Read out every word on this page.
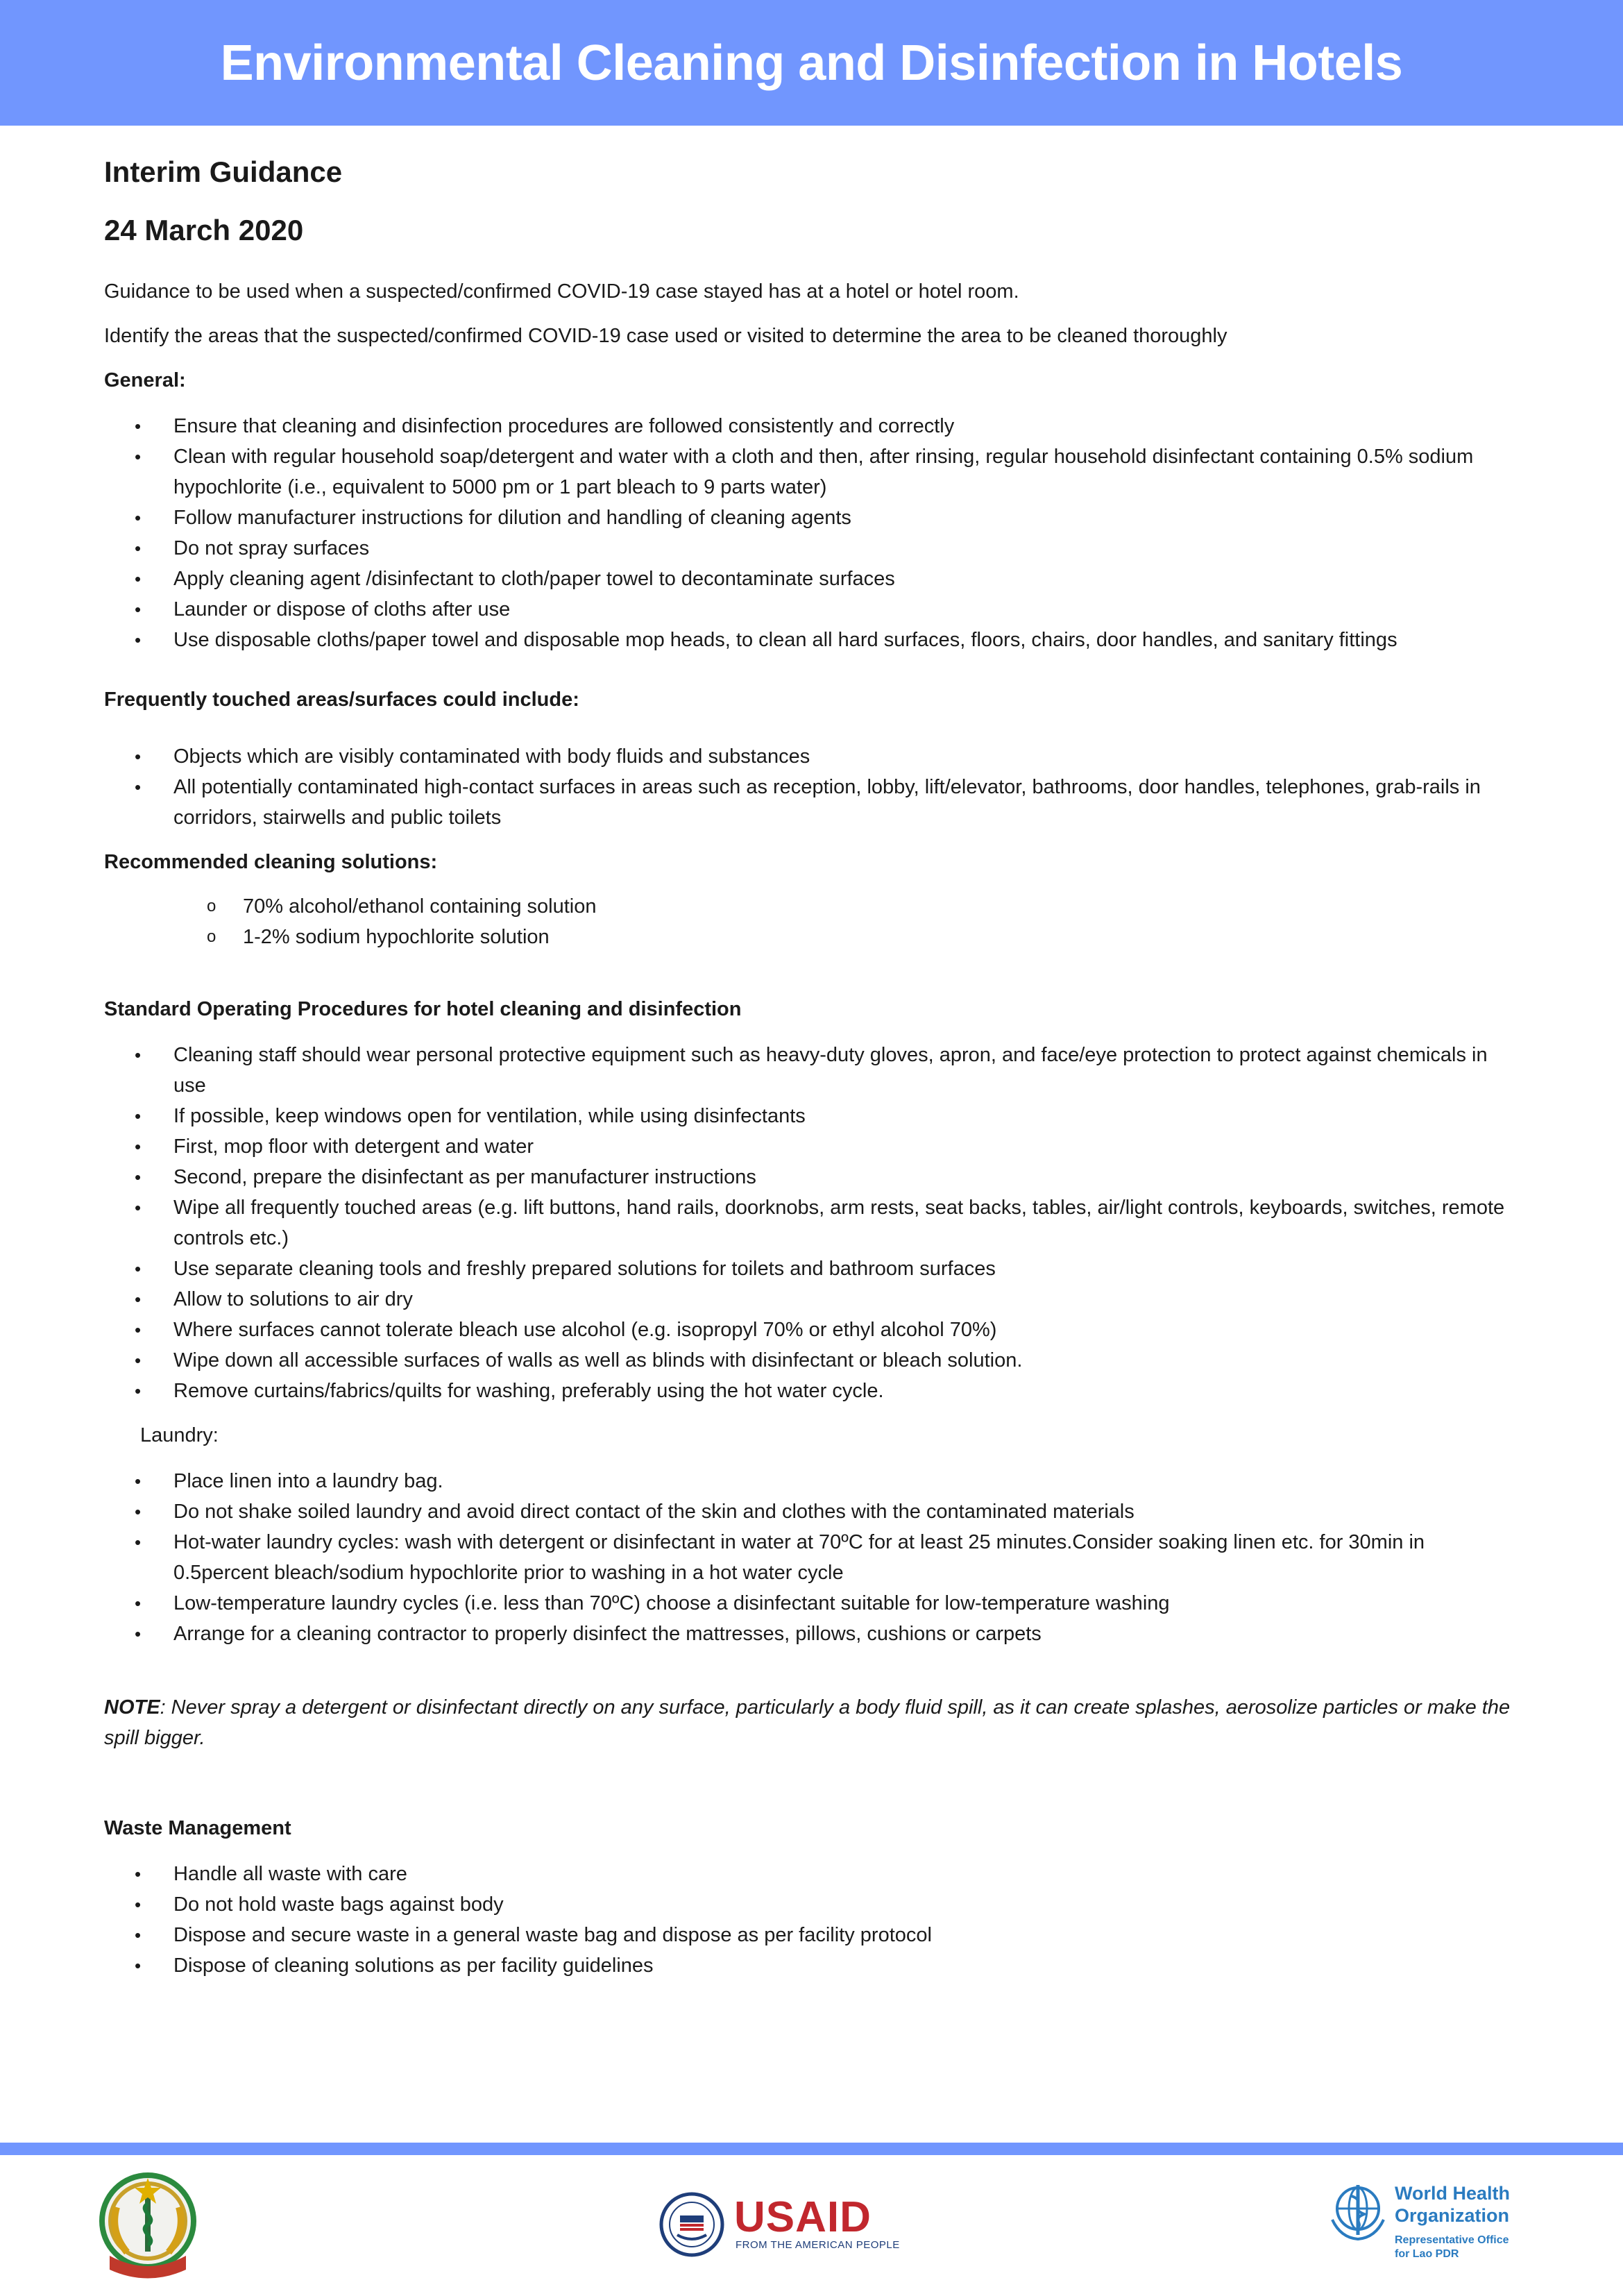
Environmental Cleaning and Disinfection in Hotels

Interim Guidance

24 March 2020

Guidance to be used when a suspected/confirmed COVID-19 case stayed has at a hotel or hotel room.

Identify the areas that the suspected/confirmed COVID-19 case used or visited to determine the area to be cleaned thoroughly

General:

•	Ensure that cleaning and disinfection procedures are followed consistently and correctly
•	Clean with regular household soap/detergent and water with a cloth and then, after rinsing, regular household disinfectant containing 0.5% sodium hypochlorite (i.e., equivalent to 5000 pm or 1 part bleach to 9 parts water)
•	Follow manufacturer instructions for dilution and handling of cleaning agents
•	Do not spray surfaces
•	Apply cleaning agent /disinfectant to cloth/paper towel to decontaminate surfaces
•	Launder or dispose of cloths after use
•	Use disposable cloths/paper towel and disposable mop heads, to clean all hard surfaces, floors, chairs, door handles, and sanitary fittings

Frequently touched areas/surfaces could include:

•	Objects which are visibly contaminated with body fluids and substances
•	All potentially contaminated high-contact surfaces in areas such as reception, lobby, lift/elevator, bathrooms, door handles, telephones, grab-rails in corridors, stairwells and public toilets

Recommended cleaning solutions:

o 70% alcohol/ethanol containing solution
o 1-2% sodium hypochlorite solution

Standard Operating Procedures for hotel cleaning and disinfection

•	Cleaning staff should wear personal protective equipment such as heavy-duty gloves, apron, and face/eye protection to protect against chemicals in use
•	If possible, keep windows open for ventilation, while using disinfectants
•	First, mop floor with detergent and water
•	Second, prepare the disinfectant as per manufacturer instructions
•	Wipe all frequently touched areas (e.g. lift buttons, hand rails, doorknobs, arm rests, seat backs, tables, air/light controls, keyboards, switches, remote controls etc.)
•	Use separate cleaning tools and freshly prepared solutions for toilets and bathroom surfaces
•	Allow to solutions to air dry
•	Where surfaces cannot tolerate bleach use alcohol (e.g. isopropyl 70% or ethyl alcohol 70%)
•	Wipe down all accessible surfaces of walls as well as blinds with disinfectant or bleach solution.
•	Remove curtains/fabrics/quilts for washing, preferably using the hot water cycle.

Laundry:

•	Place linen into a laundry bag.
•	Do not shake soiled laundry and avoid direct contact of the skin and clothes with the contaminated materials
•	Hot-water laundry cycles: wash with detergent or disinfectant in water at 70ºC for at least 25 minutes.Consider soaking linen etc. for 30min in 0.5percent bleach/sodium hypochlorite prior to washing in a hot water cycle
•	Low-temperature laundry cycles (i.e. less than 70ºC) choose a disinfectant suitable for low-temperature washing
•	Arrange for a cleaning contractor to properly disinfect the mattresses, pillows, cushions or carpets

NOTE: Never spray a detergent or disinfectant directly on any surface, particularly a body fluid spill, as it can create splashes, aerosolize particles or make the spill bigger.

Waste Management

•	Handle all waste with care
•	Do not hold waste bags against body
•	Dispose and secure waste in a general waste bag and dispose as per facility protocol
•	Dispose of cleaning solutions as per facility guidelines
USAID
FROM THE AMERICAN PEOPLE
World Health
Organization
Representative Office
for Lao PDR
